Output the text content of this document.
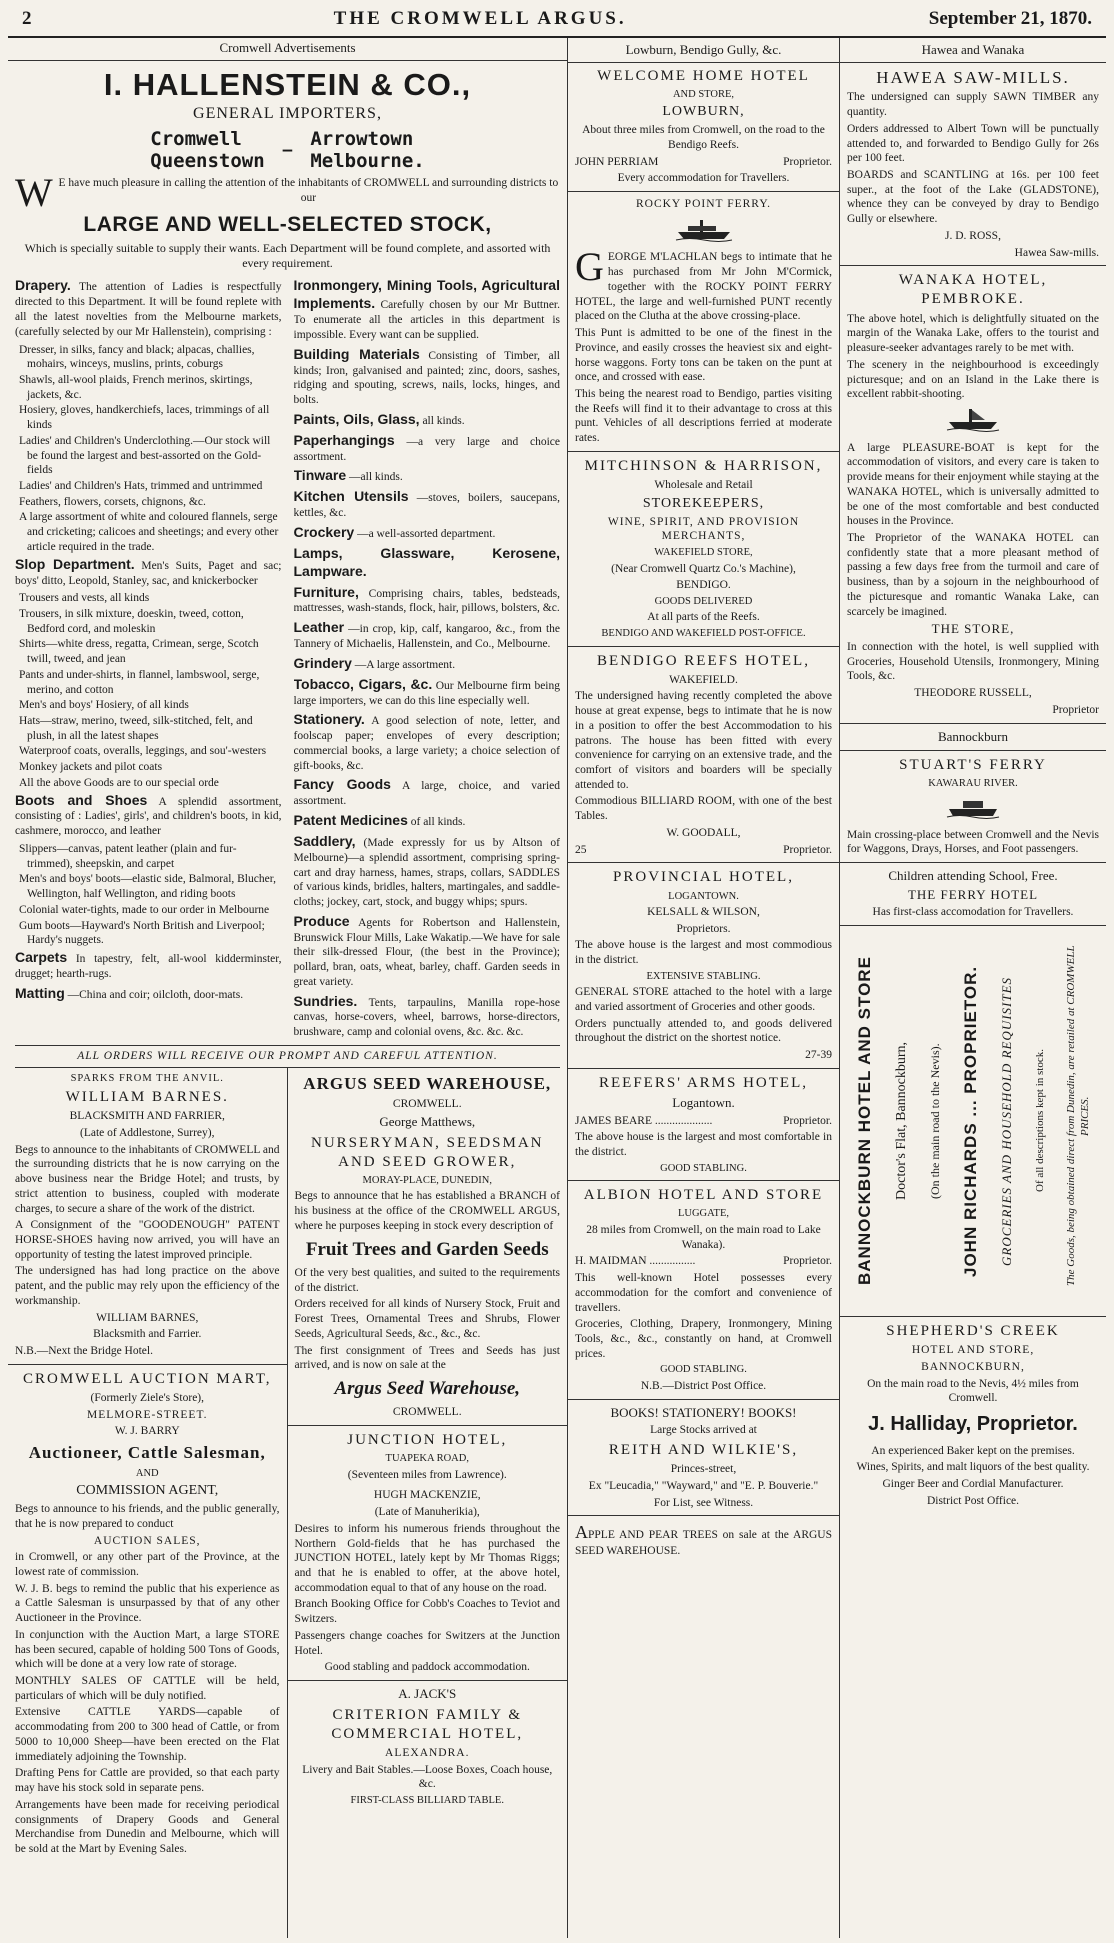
2	THE CROMWELL ARGUS.	September 21, 1870.
Cromwell Advertisements
I. HALLENSTEIN & CO.,
GENERAL IMPORTERS,
Cromwell
Queenstown —
Arrowtown
Melbourne.
W E have much pleasure in calling the attention of the inhabitants of CROMWELL and surrounding districts to our
LARGE AND WELL-SELECTED STOCK,
Which is specially suitable to supply their wants. Each Department will be found complete, and assorted with every requirement.
Drapery. The attention of Ladies is respectfully directed to this Department. It will be found replete with all the latest novelties from the Melbourne markets, (carefully selected by our Mr Hallenstein), comprising :
Dresser, in silks, fancy and black; alpacas, challies, mohairs, winceys, muslins, prints, coburgs
Shawls, all-wool plaids, French merinos, skirtings, jackets, &c.
Hosiery, gloves, handkerchiefs, laces, trimmings of all kinds
Ladies' and Children's Underclothing.—Our stock will be found the largest and best-assorted on the Gold-fields
Ladies' and Children's Hats, trimmed and untrimmed
Feathers, flowers, corsets, chignons, &c.
A large assortment of white and coloured flannels, serge and cricketing; calicoes and sheetings; and every other article required in the trade.
Slop Department. Men's Suits, Paget and sac; boys' ditto, Leopold, Stanley, sac, and knickerbocker
Trousers and vests, all kinds
Trousers, in silk mixture, doeskin, tweed, cotton, Bedford cord, and moleskin
Shirts—white dress, regatta, Crimean, serge, Scotch twill, tweed, and jean
Pants and under-shirts, in flannel, lambswool, serge, merino, and cotton
Men's and boys' Hosiery, of all kinds
Hats—straw, merino, tweed, silk-stitched, felt, and plush, in all the latest shapes
Waterproof coats, overalls, leggings, and sou'-westers
Monkey jackets and pilot coats
All the above Goods are to our special orde
Boots and Shoes A splendid assortment, consisting of : Ladies', girls', and children's boots, in kid, cashmere, morocco, and leather
Slippers—canvas, patent leather (plain and fur-trimmed), sheepskin, and carpet
Men's and boys' boots—elastic side, Balmoral, Blucher, Wellington, half Wellington, and riding boots
Colonial water-tights, made to our order in Melbourne
Gum boots—Hayward's North British and Liverpool; Hardy's nuggets.
Carpets In tapestry, felt, all-wool kidderminster, drugget; hearth-rugs.
Matting —China and coir; oilcloth, door-mats.
Ironmongery, Mining Tools, Agricultural Implements. Carefully chosen by our Mr Buttner. To enumerate all the articles in this department is impossible. Every want can be supplied.
Building Materials Consisting of Timber, all kinds; Iron, galvanised and painted; zinc, doors, sashes, ridging and spouting, screws, nails, locks, hinges, and bolts.
Paints, Oils, Glass, all kinds.
Paperhangings —a very large and choice assortment.
Tinware —all kinds.
Kitchen Utensils —stoves, boilers, saucepans, kettles, &c.
Crockery —a well-assorted department.
Lamps, Glassware, Kerosene, Lampware.
Furniture, Comprising chairs, tables, bedsteads, mattresses, wash-stands, flock, hair, pillows, bolsters, &c.
Leather —in crop, kip, calf, kangaroo, &c., from the Tannery of Michaelis, Hallenstein, and Co., Melbourne.
Grindery —A large assortment.
Tobacco, Cigars, &c. Our Melbourne firm being large importers, we can do this line especially well.
Stationery. A good selection of note, letter, and foolscap paper; envelopes of every description; commercial books, a large variety; a choice selection of gift-books, &c.
Fancy Goods A large, choice, and varied assortment.
Patent Medicines of all kinds.
Saddlery, (Made expressly for us by Altson of Melbourne)—a splendid assortment, comprising spring-cart and dray harness, hames, straps, collars, SADDLES of various kinds, bridles, halters, martingales, and saddle-cloths; jockey, cart, stock, and buggy whips; spurs.
Produce Agents for Robertson and Hallenstein, Brunswick Flour Mills, Lake Wakatip.—We have for sale their silk-dressed Flour, (the best in the Province); pollard, bran, oats, wheat, barley, chaff. Garden seeds in great variety.
Sundries. Tents, tarpaulins, Manilla rope-hose canvas, horse-covers, wheel, barrows, horse-directors, brushware, camp and colonial ovens, &c. &c. &c.
ALL ORDERS WILL RECEIVE OUR PROMPT AND CAREFUL ATTENTION.
SPARKS FROM THE ANVIL.
WILLIAM BARNES.
BLACKSMITH AND FARRIER,
(Late of Addlestone, Surrey),

Begs to announce to the inhabitants of CROMWELL and the surrounding districts that he is now carrying on the above business near the Bridge Hotel; and trusts, by strict attention to business, coupled with moderate charges, to secure a share of the work of the district.

A Consignment of the "GOODENOUGH" PATENT HORSE-SHOES having now arrived, you will have an opportunity of testing the latest improved principle.

The undersigned has had long practice on the above patent, and the public may rely upon the efficiency of the workmanship.

WILLIAM BARNES,
Blacksmith and Farrier.
N.B.—Next the Bridge Hotel.
CROMWELL AUCTION MART,
(Formerly Ziele's Store),
MELMORE-STREET.
W. J. BARRY
Auctioneer, Cattle Salesman,
AND
COMMISSION AGENT,

Begs to announce to his friends, and the public generally, that he is now prepared to conduct

AUCTION SALES,

in Cromwell, or any other part of the Province, at the lowest rate of commission.

W. J. B. begs to remind the public that his experience as a Cattle Salesman is unsurpassed by that of any other Auctioneer in the Province.

In conjunction with the Auction Mart, a large STORE has been secured, capable of holding 500 Tons of Goods, which will be done at a very low rate of storage.

MONTHLY SALES OF CATTLE will be held, particulars of which will be duly notified.

Extensive CATTLE YARDS—capable of accommodating from 200 to 300 head of Cattle, or from 5000 to 10,000 Sheep—have been erected on the Flat immediately adjoining the Township.

Drafting Pens for Cattle are provided, so that each party may have his stock sold in separate pens.

Arrangements have been made for receiving periodical consignments of Drapery Goods and General Merchandise from Dunedin and Melbourne, which will be sold at the Mart by Evening Sales.

ARGUS SEED WAREHOUSE,
CROMWELL.
George Matthews,
NURSERYMAN, SEEDSMAN AND SEED GROWER,
MORAY-PLACE, DUNEDIN,

Begs to announce that he has established a BRANCH of his business at the office of the CROMWELL ARGUS, where he purposes keeping in stock every description of

Fruit Trees and Garden Seeds

Of the very best qualities, and suited to the requirements of the district.

Orders received for all kinds of Nursery Stock, Fruit and Forest Trees, Ornamental Trees and Shrubs, Flower Seeds, Agricultural Seeds, &c., &c., &c.

The first consignment of Trees and Seeds has just arrived, and is now on sale at the

Argus Seed Warehouse,
CROMWELL.
JUNCTION HOTEL,
TUAPEKA ROAD,
(Seventeen miles from Lawrence).
HUGH MACKENZIE,
(Late of Manuherikia),

Desires to inform his numerous friends throughout the Northern Gold-fields that he has purchased the JUNCTION HOTEL, lately kept by Mr Thomas Riggs; and that he is enabled to offer, at the above hotel, accommodation equal to that of any house on the road.

Branch Booking Office for Cobb's Coaches to Teviot and Switzers.

Passengers change coaches for Switzers at the Junction Hotel.

Good stabling and paddock accommodation.
A. JACK'S
CRITERION FAMILY & COMMERCIAL HOTEL,
ALEXANDRA.
Livery and Bait Stables.—Loose Boxes, Coach house, &c.
FIRST-CLASS BILLIARD TABLE.
Lowburn, Bendigo Gully, &c.
WELCOME HOME HOTEL
AND STORE,
LOWBURN,
About three miles from Cromwell, on the road to the Bendigo Reefs.
JOHN PERRIAM	Proprietor.
Every accommodation for Travellers.
ROCKY POINT FERRY.

GEORGE M'LACHLAN begs to intimate that he has purchased from Mr John M'Cormick, together with the ROCKY POINT FERRY HOTEL, the large and well-furnished PUNT recently placed on the Clutha at the above crossing-place.

This Punt is admitted to be one of the finest in the Province, and easily crosses the heaviest six and eight-horse waggons. Forty tons can be taken on the punt at once, and crossed with ease.

This being the nearest road to Bendigo, parties visiting the Reefs will find it to their advantage to cross at this punt. Vehicles of all descriptions ferried at moderate rates.

MITCHINSON & HARRISON,
Wholesale and Retail
STOREKEEPERS,
WINE, SPIRIT, AND PROVISION MERCHANTS,
WAKEFIELD STORE,
(Near Cromwell Quartz Co.'s Machine),
BENDIGO.
GOODS DELIVERED
At all parts of the Reefs.
BENDIGO AND WAKEFIELD POST-OFFICE.
BENDIGO REEFS HOTEL,
WAKEFIELD.

The undersigned having recently completed the above house at great expense, begs to intimate that he is now in a position to offer the best Accommodation to his patrons. The house has been fitted with every convenience for carrying on an extensive trade, and the comfort of visitors and boarders will be specially attended to.

Commodious BILLIARD ROOM, with one of the best Tables.

W. GOODALL,
25	Proprietor.
PROVINCIAL HOTEL,
LOGANTOWN.
KELSALL & WILSON,
Proprietors.

The above house is the largest and most commodious in the district.

EXTENSIVE STABLING.

GENERAL STORE attached to the hotel with a large and varied assortment of Groceries and other goods.

Orders punctually attended to, and goods delivered throughout the district on the shortest notice.

27-39
REEFERS' ARMS HOTEL,
Logantown.
JAMES BEARE ....................	Proprietor.

The above house is the largest and most comfortable in the district.

GOOD STABLING.
ALBION HOTEL AND STORE
LUGGATE,
28 miles from Cromwell, on the main road to Lake Wanaka).
H. MAIDMAN ................	Proprietor.

This well-known Hotel possesses every accommodation for the comfort and convenience of travellers.

Groceries, Clothing, Drapery, Ironmongery, Mining Tools, &c., &c., constantly on hand, at Cromwell prices.

GOOD STABLING.
N.B.—District Post Office.
BOOKS! STATIONERY! BOOKS!
Large Stocks arrived at
REITH AND WILKIE'S,
Princes-street,
Ex "Leucadia," "Wayward," and "E. P. Bouverie."
For List, see Witness.
APPLE AND PEAR TREES on sale at the ARGUS SEED WAREHOUSE.
Hawea and Wanaka
HAWEA SAW-MILLS.

The undersigned can supply SAWN TIMBER any quantity.

Orders addressed to Albert Town will be punctually attended to, and forwarded to Bendigo Gully for 26s per 100 feet.

BOARDS and SCANTLING at 16s. per 100 feet super., at the foot of the Lake (GLADSTONE), whence they can be conveyed by dray to Bendigo Gully or elsewhere.

J. D. ROSS,
Hawea Saw-mills.
WANAKA HOTEL, PEMBROKE.

The above hotel, which is delightfully situated on the margin of the Wanaka Lake, offers to the tourist and pleasure-seeker advantages rarely to be met with.

The scenery in the neighbourhood is exceedingly picturesque; and on an Island in the Lake there is excellent rabbit-shooting.

A large PLEASURE-BOAT is kept for the accommodation of visitors, and every care is taken to provide means for their enjoyment while staying at the WANAKA HOTEL, which is universally admitted to be one of the most comfortable and best conducted houses in the Province.

The Proprietor of the WANAKA HOTEL can confidently state that a more pleasant method of passing a few days free from the turmoil and care of business, than by a sojourn in the neighbourhood of the picturesque and romantic Wanaka Lake, can scarcely be imagined.

THE STORE,

In connection with the hotel, is well supplied with Groceries, Household Utensils, Ironmongery, Mining Tools, &c.

THEODORE RUSSELL,
Proprietor
Bannockburn
STUART'S FERRY
KAWARAU RIVER.

Main crossing-place between Cromwell and the Nevis for Waggons, Drays, Horses, and Foot passengers.

Children attending School, Free.
THE FERRY HOTEL
Has first-class accomodation for Travellers.
BANNOCKBURN HOTEL AND STORE Doctor's Flat, Bannockburn, (On the main road to the Nevis). JOHN RICHARDS ... PROPRIETOR. GROCERIES AND HOUSEHOLD REQUISITES Of all descriptions kept in stock. The Goods, being obtained direct from Dunedin, are retailed at CROMWELL PRICES.
SHEPHERD'S CREEK
HOTEL AND STORE,
BANNOCKBURN,
On the main road to the Nevis, 4½ miles from Cromwell.
J. Halliday, Proprietor.
An experienced Baker kept on the premises.
Wines, Spirits, and malt liquors of the best quality.
Ginger Beer and Cordial Manufacturer.
District Post Office.
